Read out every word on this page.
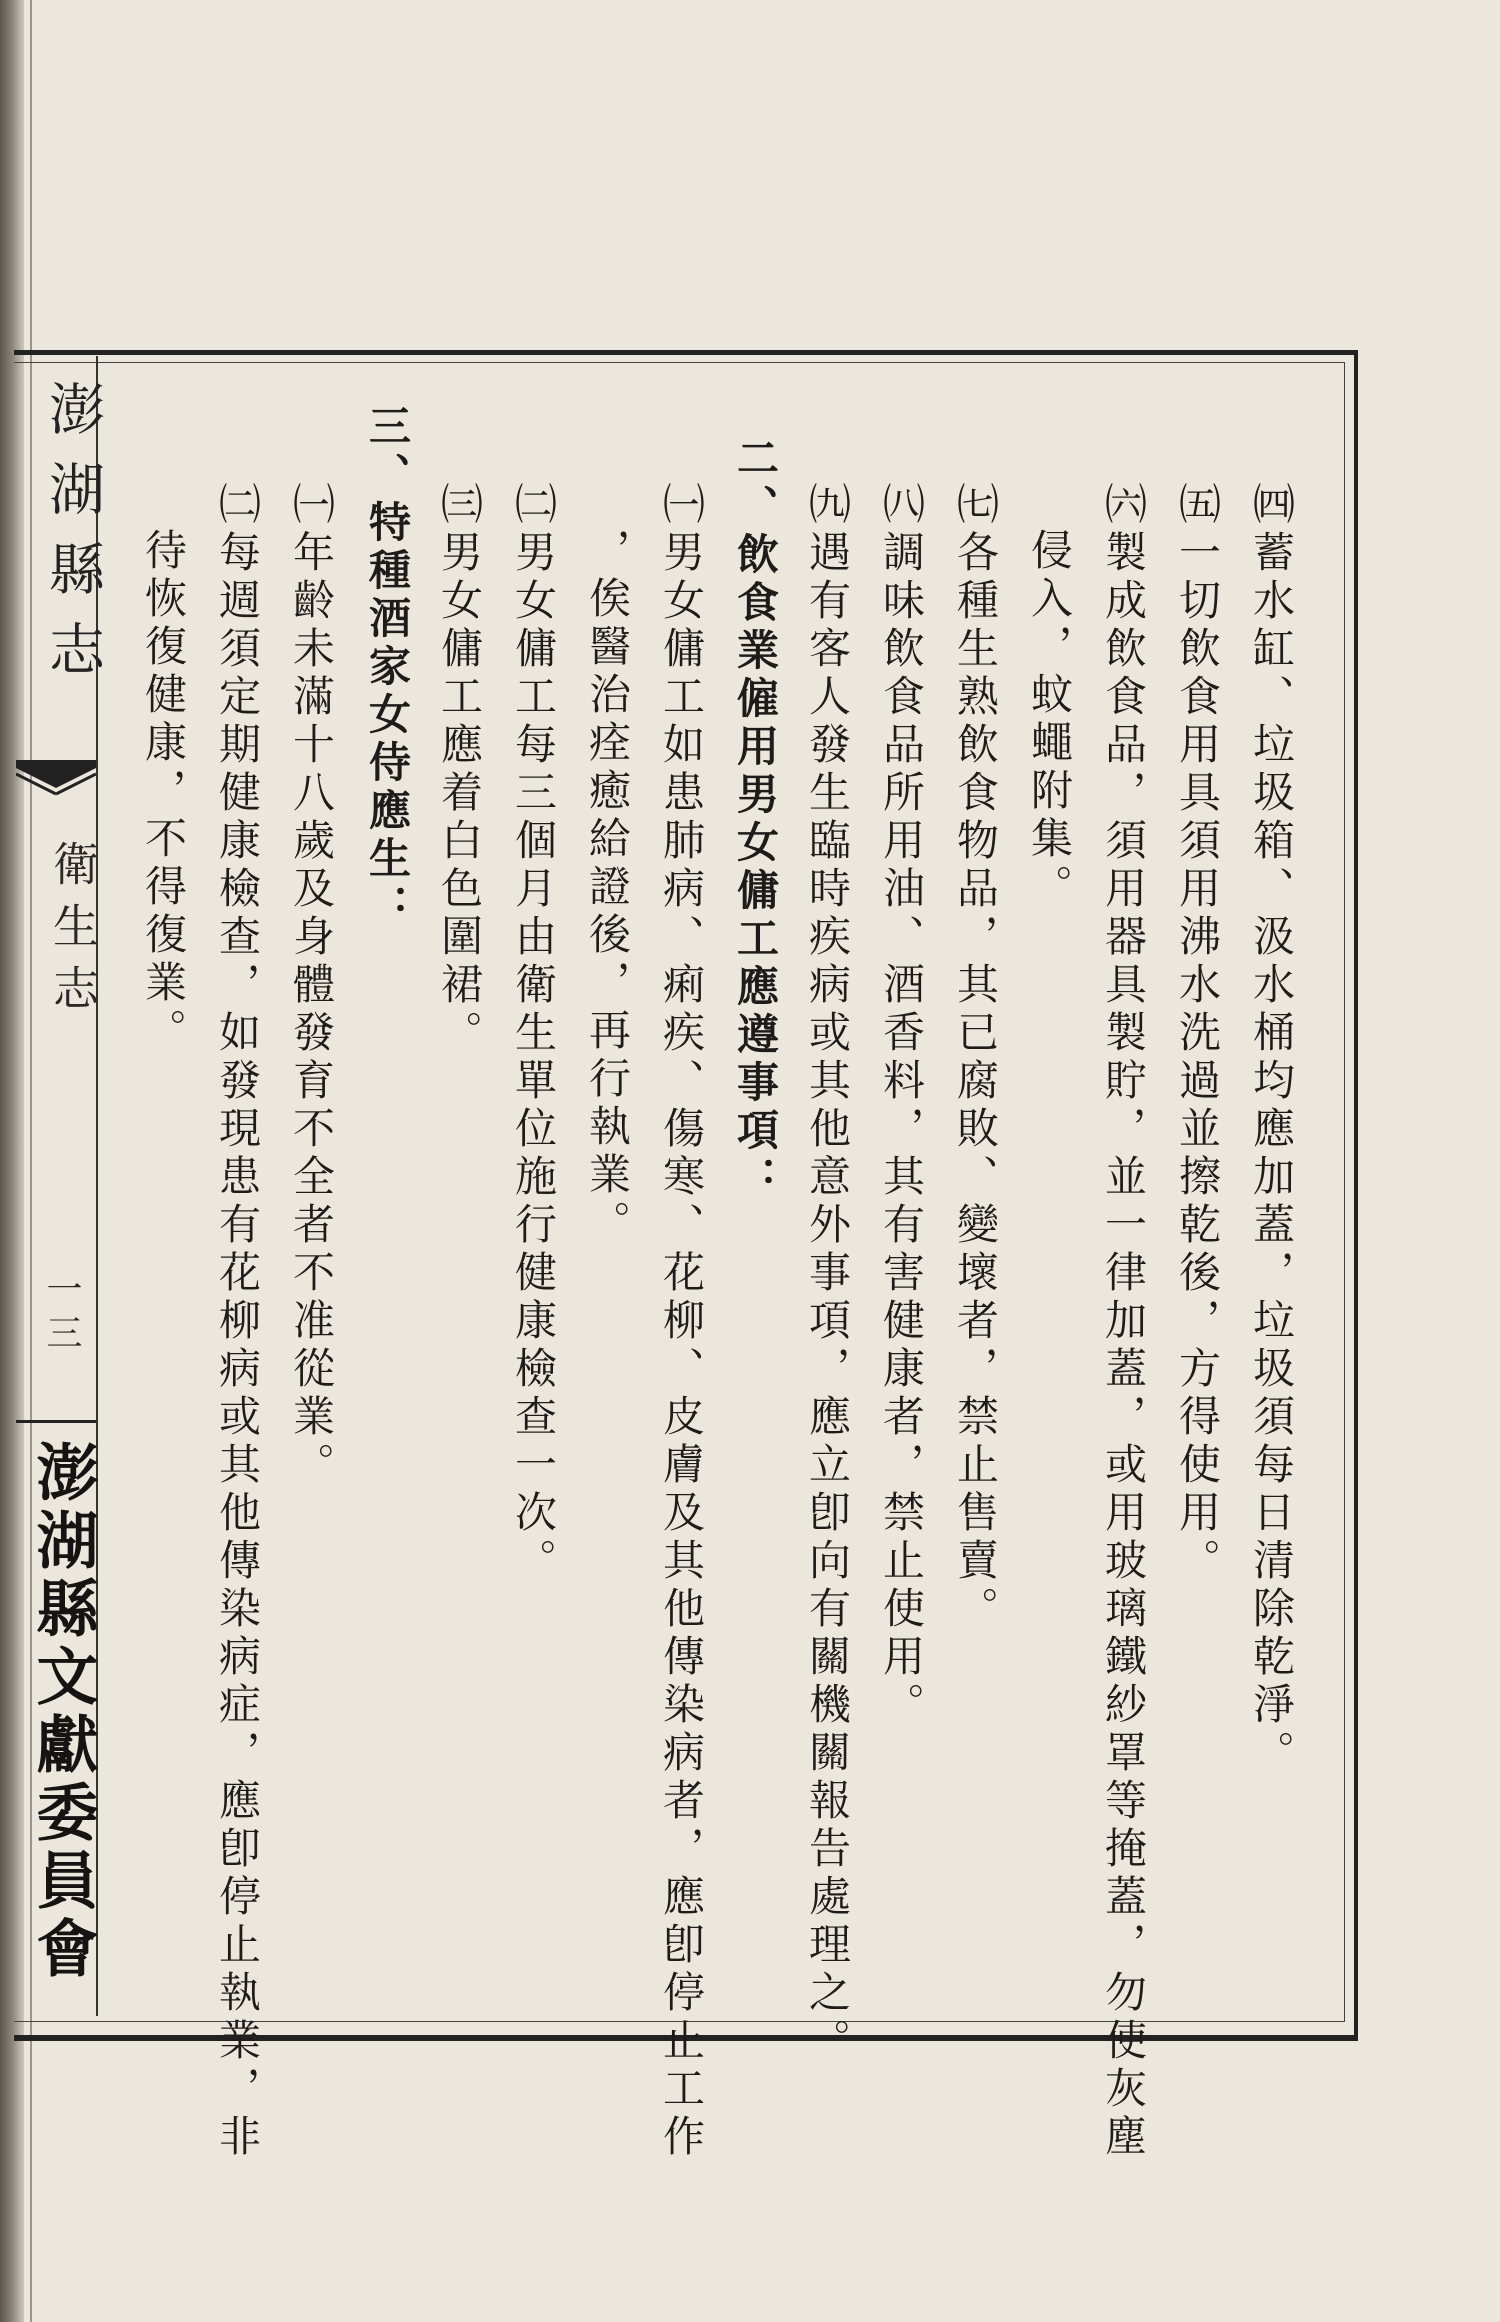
澎湖縣志
衛生志
一三
澎湖縣文獻委員會	㈣蓄水缸、垃圾箱、汲水桶均應加蓋，垃圾須每日清除乾淨。
㈤一切飲食用具須用沸水洗過並擦乾後，方得使用。
㈥製成飲食品，須用器具製貯，並一律加蓋，或用玻璃鐵紗罩等掩蓋，勿使灰塵
侵入，蚊蠅附集。
㈦各種生熟飲食物品，其已腐敗、變壞者，禁止售賣。
㈧調味飲食品所用油、酒香料，其有害健康者，禁止使用。
㈨遇有客人發生臨時疾病或其他意外事項，應立卽向有關機關報告處理之。
二、飲食業僱用男女傭工應遵事項：
㈠男女傭工如患肺病、痢疾、傷寒、花柳、皮膚及其他傳染病者，應卽停止工作
，俟醫治痊癒給證後，再行執業。
㈡男女傭工每三個月由衛生單位施行健康檢查一次。
㈢男女傭工應着白色圍裙。
三、特種酒家女侍應生：
㈠年齡未滿十八歲及身體發育不全者不准從業。
㈡每週須定期健康檢查，如發現患有花柳病或其他傳染病症，應卽停止執業，非
待恢復健康，不得復業。
